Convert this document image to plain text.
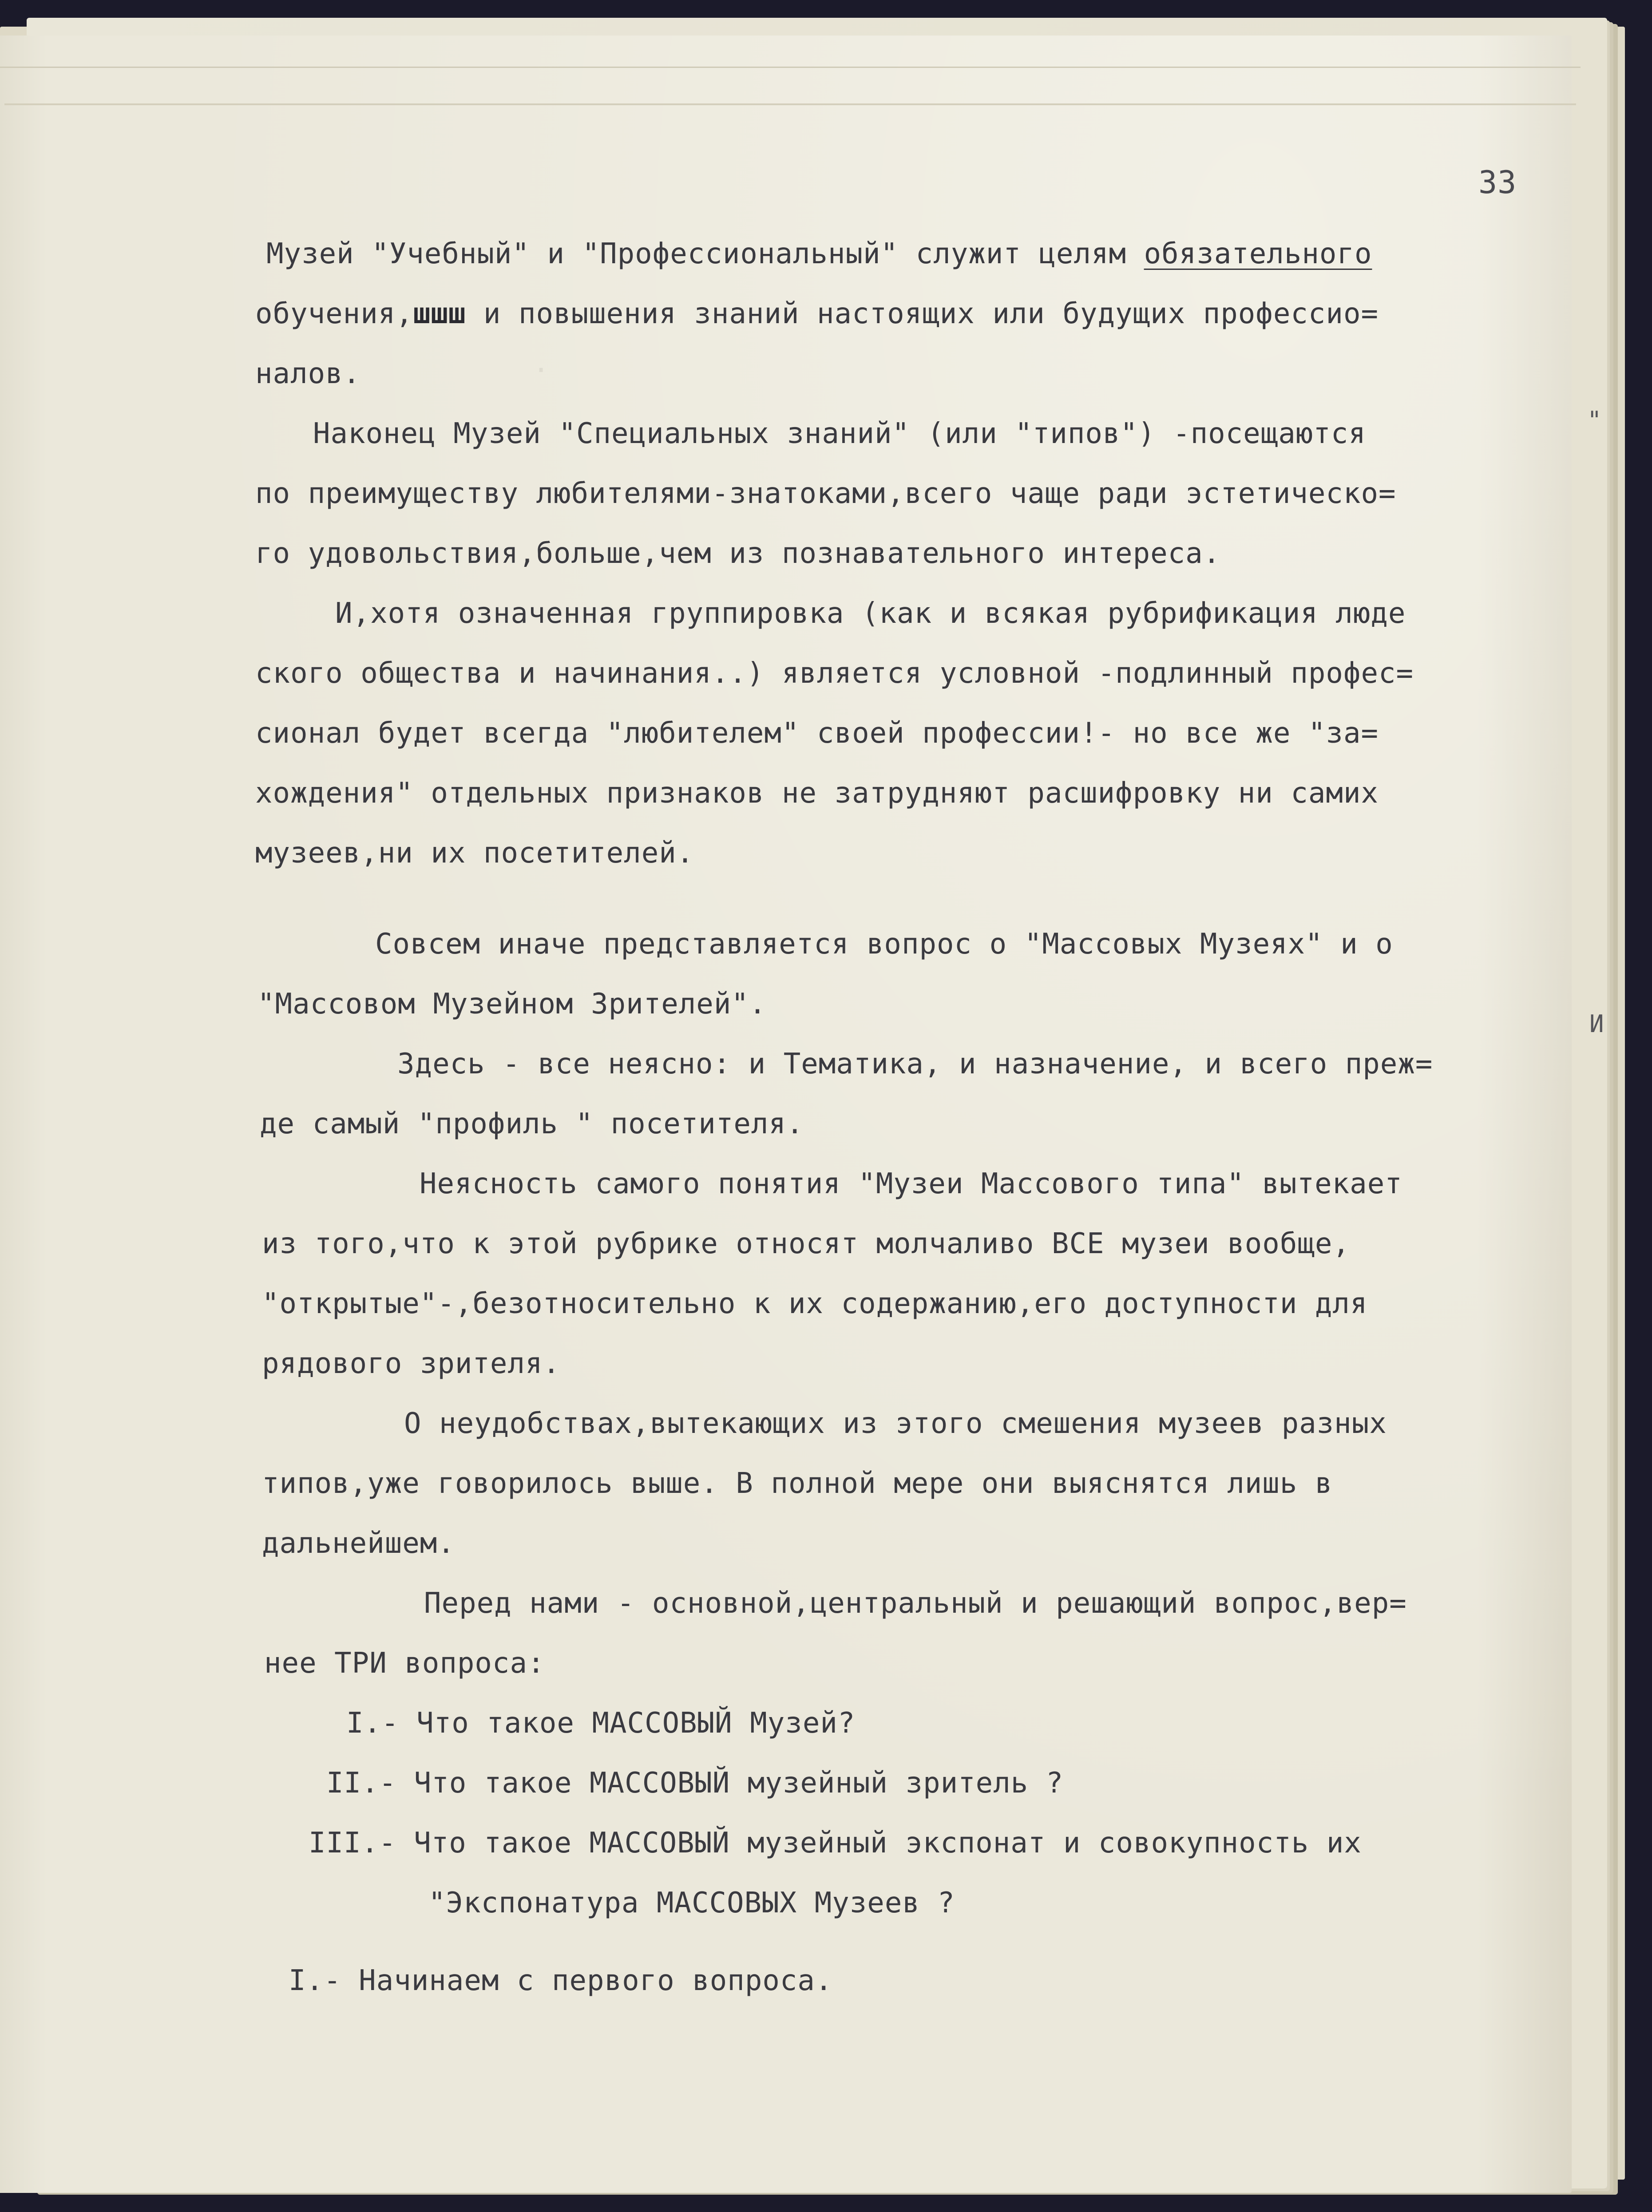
.
33
Музей "Учебный" и "Профессиональный" служит целям обязательного
обучения,шшш и повышения знаний настоящих или будущих профессио=
налов.
Наконец Музей "Специальных знаний" (или "типов") -посещаются
по преимуществу любителями-знатоками,всего чаще ради эстетическо=
го удовольствия,больше,чем из познавательного интереса.
И,хотя означенная группировка (как и всякая рубрификация люде
ского общества и начинания..) является условной -подлинный профес=
сионал будет всегда "любителем" своей профессии!- но все же "за=
хождения" отдельных признаков не затрудняют расшифровку ни самих
музеев,ни их посетителей.
Совсем иначе представляется вопрос о "Массовых Музеях" и о
"Массовом Музейном Зрителей".
Здесь - все неясно: и Тематика, и назначение, и всего преж=
де самый "профиль " посетителя.
Неясность самого понятия "Музеи Массового типа" вытекает
из того,что к этой рубрике относят молчаливо ВСЕ музеи вообще,
"открытые"-,безотносительно к их содержанию,его доступности для
рядового зрителя.
О неудобствах,вытекающих из этого смешения музеев разных
типов,уже говорилось выше. В полной мере они выяснятся лишь в
дальнейшем.
Перед нами - основной,центральный и решающий вопрос,вер=
нее ТРИ вопроса:
I.- Что такое МАССОВЫЙ Музей?
II.- Что такое МАССОВЫЙ музейный зритель ?
III.- Что такое МАССОВЫЙ музейный экспонат и совокупность их
"Экспонатура МАССОВЫХ Музеев ?
I.- Начинаем с первого вопроса.
"
И
